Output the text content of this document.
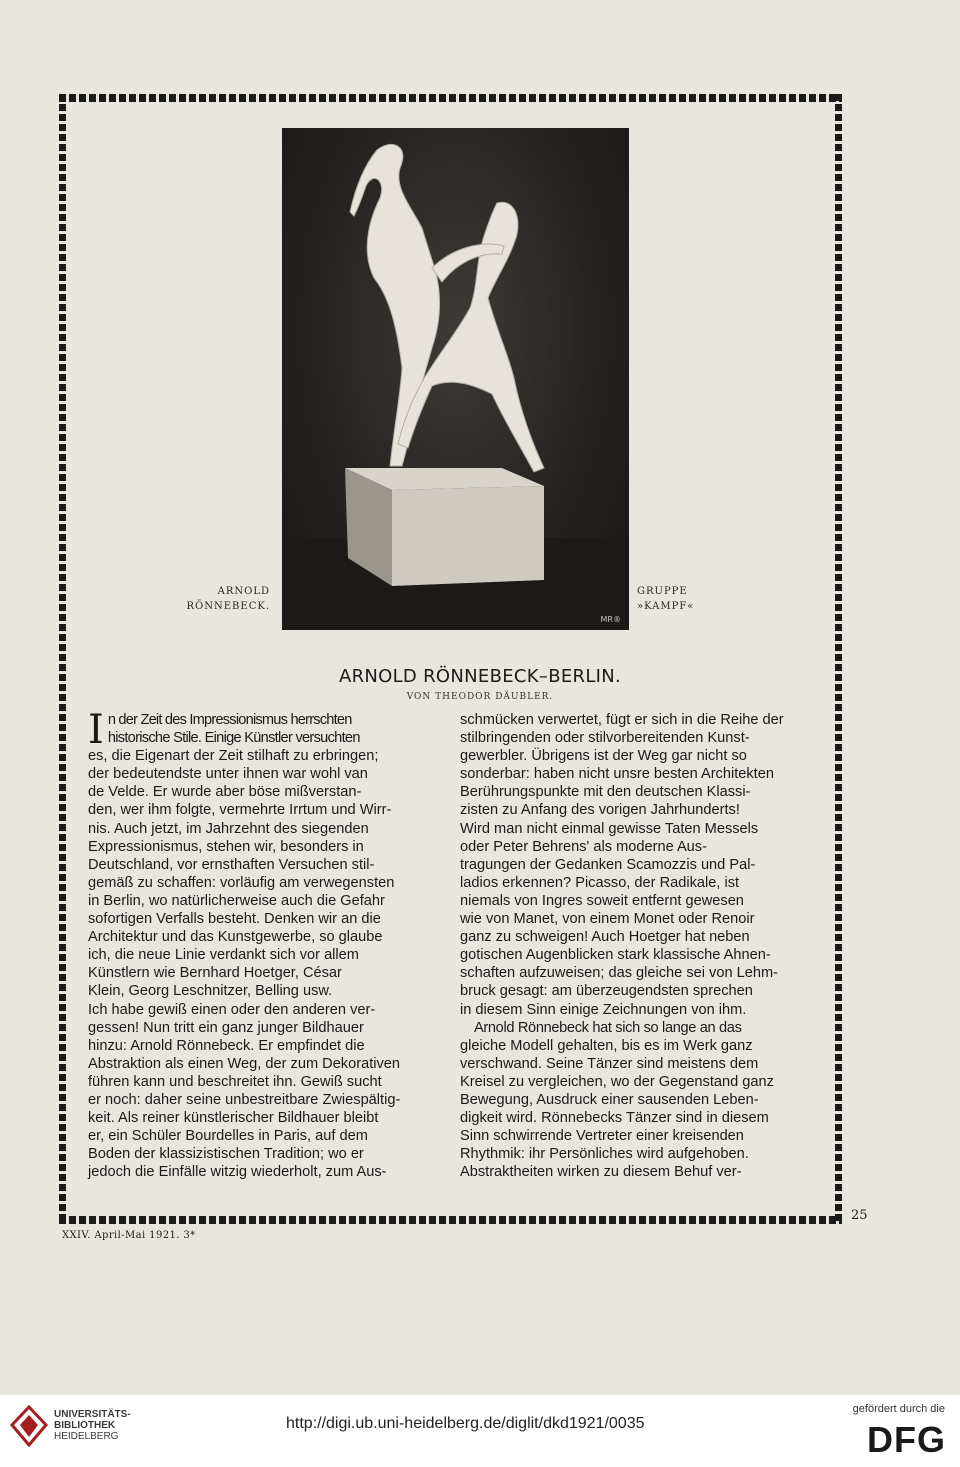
MR®
ARNOLD
RÖNNEBECK.
GRUPPE
»KAMPF«
ARNOLD RÖNNEBECK–BERLIN.
VON THEODOR DÄUBLER.
I n der Zeit des Impressionismus herrschten
historische Stile. Einige Künstler versuchten
es, die Eigenart der Zeit stilhaft zu erbringen;
der bedeutendste unter ihnen war wohl van
de Velde. Er wurde aber böse mißverstan-
den, wer ihm folgte, vermehrte Irrtum und Wirr-
nis. Auch jetzt, im Jahrzehnt des siegenden
Expressionismus, stehen wir, besonders in
Deutschland, vor ernsthaften Versuchen stil-
gemäß zu schaffen: vorläufig am verwegensten
in Berlin, wo natürlicherweise auch die Gefahr
sofortigen Verfalls besteht. Denken wir an die
Architektur und das Kunstgewerbe, so glaube
ich, die neue Linie verdankt sich vor allem
Künstlern wie Bernhard Hoetger, César
Klein, Georg Leschnitzer, Belling usw.
Ich habe gewiß einen oder den anderen ver-
gessen! Nun tritt ein ganz junger Bildhauer
hinzu: Arnold Rönnebeck. Er empfindet die
Abstraktion als einen Weg, der zum Dekorativen
führen kann und beschreitet ihn. Gewiß sucht
er noch: daher seine unbestreitbare Zwiespältig-
keit. Als reiner künstlerischer Bildhauer bleibt
er, ein Schüler Bourdelles in Paris, auf dem
Boden der klassizistischen Tradition; wo er
jedoch die Einfälle witzig wiederholt, zum Aus-
schmücken verwertet, fügt er sich in die Reihe der
stilbringenden oder stilvorbereitenden Kunst-
gewerbler. Übrigens ist der Weg gar nicht so
sonderbar: haben nicht unsre besten Architekten
Berührungspunkte mit den deutschen Klassi-
zisten zu Anfang des vorigen Jahrhunderts!
Wird man nicht einmal gewisse Taten Messels
oder Peter Behrens' als moderne Aus-
tragungen der Gedanken Scamozzis und Pal-
ladios erkennen? Picasso, der Radikale, ist
niemals von Ingres soweit entfernt gewesen
wie von Manet, von einem Monet oder Renoir
ganz zu schweigen! Auch Hoetger hat neben
gotischen Augenblicken stark klassische Ahnen-
schaften aufzuweisen; das gleiche sei von Lehm-
bruck gesagt: am überzeugendsten sprechen
in diesem Sinn einige Zeichnungen von ihm.
Arnold Rönnebeck hat sich so lange an das
gleiche Modell gehalten, bis es im Werk ganz
verschwand. Seine Tänzer sind meistens dem
Kreisel zu vergleichen, wo der Gegenstand ganz
Bewegung, Ausdruck einer sausenden Leben-
digkeit wird. Rönnebecks Tänzer sind in diesem
Sinn schwirrende Vertreter einer kreisenden
Rhythmik: ihr Persönliches wird aufgehoben.
Abstraktheiten wirken zu diesem Behuf ver-
25
XXIV. April-Mai 1921. 3*
UNIVERSITÄTS-
BIBLIOTHEK
HEIDELBERG
http://digi.ub.uni-heidelberg.de/diglit/dkd1921/0035
gefördert durch die
DFG
